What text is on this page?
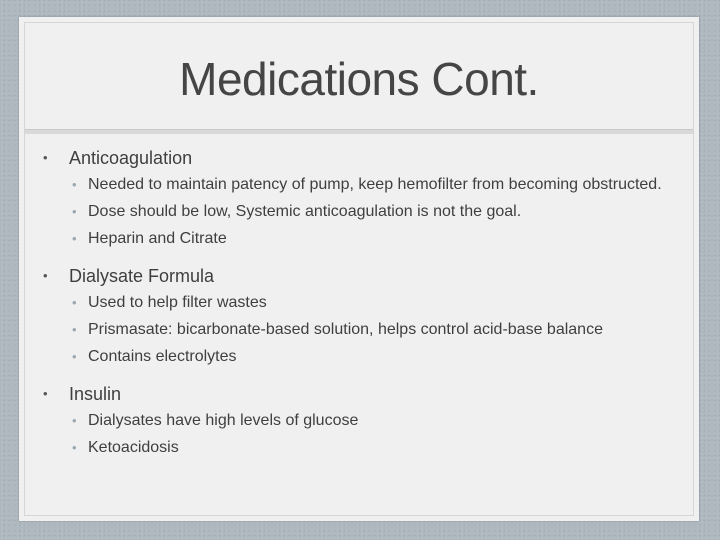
Medications Cont.
• Anticoagulation
• Needed to maintain patency of pump, keep hemofilter from becoming obstructed.
• Dose should be low, Systemic anticoagulation is not the goal.
• Heparin and Citrate
• Dialysate Formula
• Used to help filter wastes
• Prismasate: bicarbonate-based solution, helps control acid-base balance
• Contains electrolytes
• Insulin
• Dialysates have high levels of glucose
• Ketoacidosis
